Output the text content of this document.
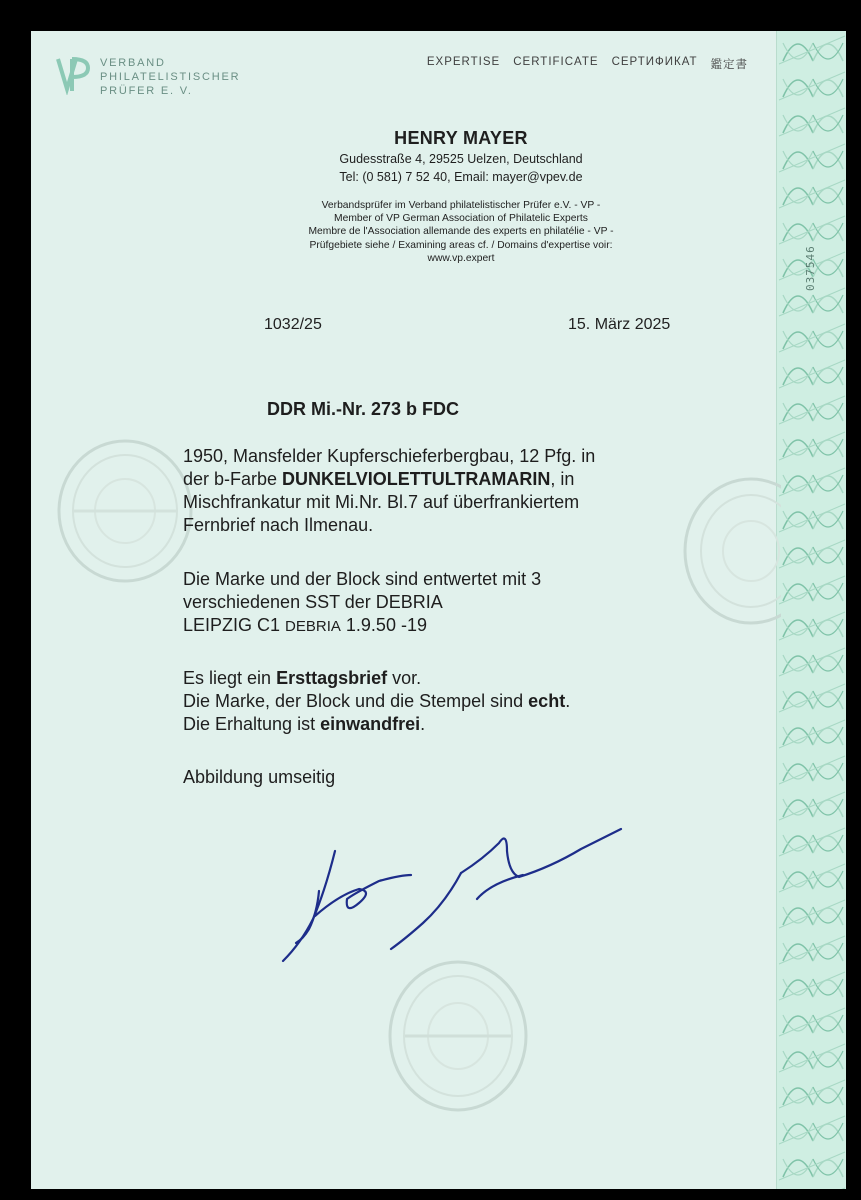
037546
VERBAND
PHILATELISTISCHER
PRÜFER E. V.
EXPERTISE CERTIFICATE СЕРТИФИКАТ 鑑定書
HENRY MAYER
Gudesstraße 4, 29525 Uelzen, Deutschland
Tel: (0 581) 7 52 40, Email: mayer@vpev.de
Verbandsprüfer im Verband philatelistischer Prüfer e.V. - VP -
Member of VP German Association of Philatelic Experts
Membre de l'Association allemande des experts en philatélie - VP -
Prüfgebiete siehe / Examining areas cf. / Domains d'expertise voir:
www.vp.expert
1032/25	15. März 2025
DDR Mi.-Nr. 273 b FDC
1950, Mansfelder Kupferschieferbergbau, 12 Pfg. in
der b-Farbe DUNKELVIOLETTULTRAMARIN, in
Mischfrankatur mit Mi.Nr. Bl.7 auf überfrankiertem
Fernbrief nach Ilmenau.
Die Marke und der Block sind entwertet mit 3
verschiedenen SST der DEBRIA
LEIPZIG C1 DEBRIA 1.9.50 -19
Es liegt ein Ersttagsbrief vor.
Die Marke, der Block und die Stempel sind echt.
Die Erhaltung ist einwandfrei.
Abbildung umseitig
